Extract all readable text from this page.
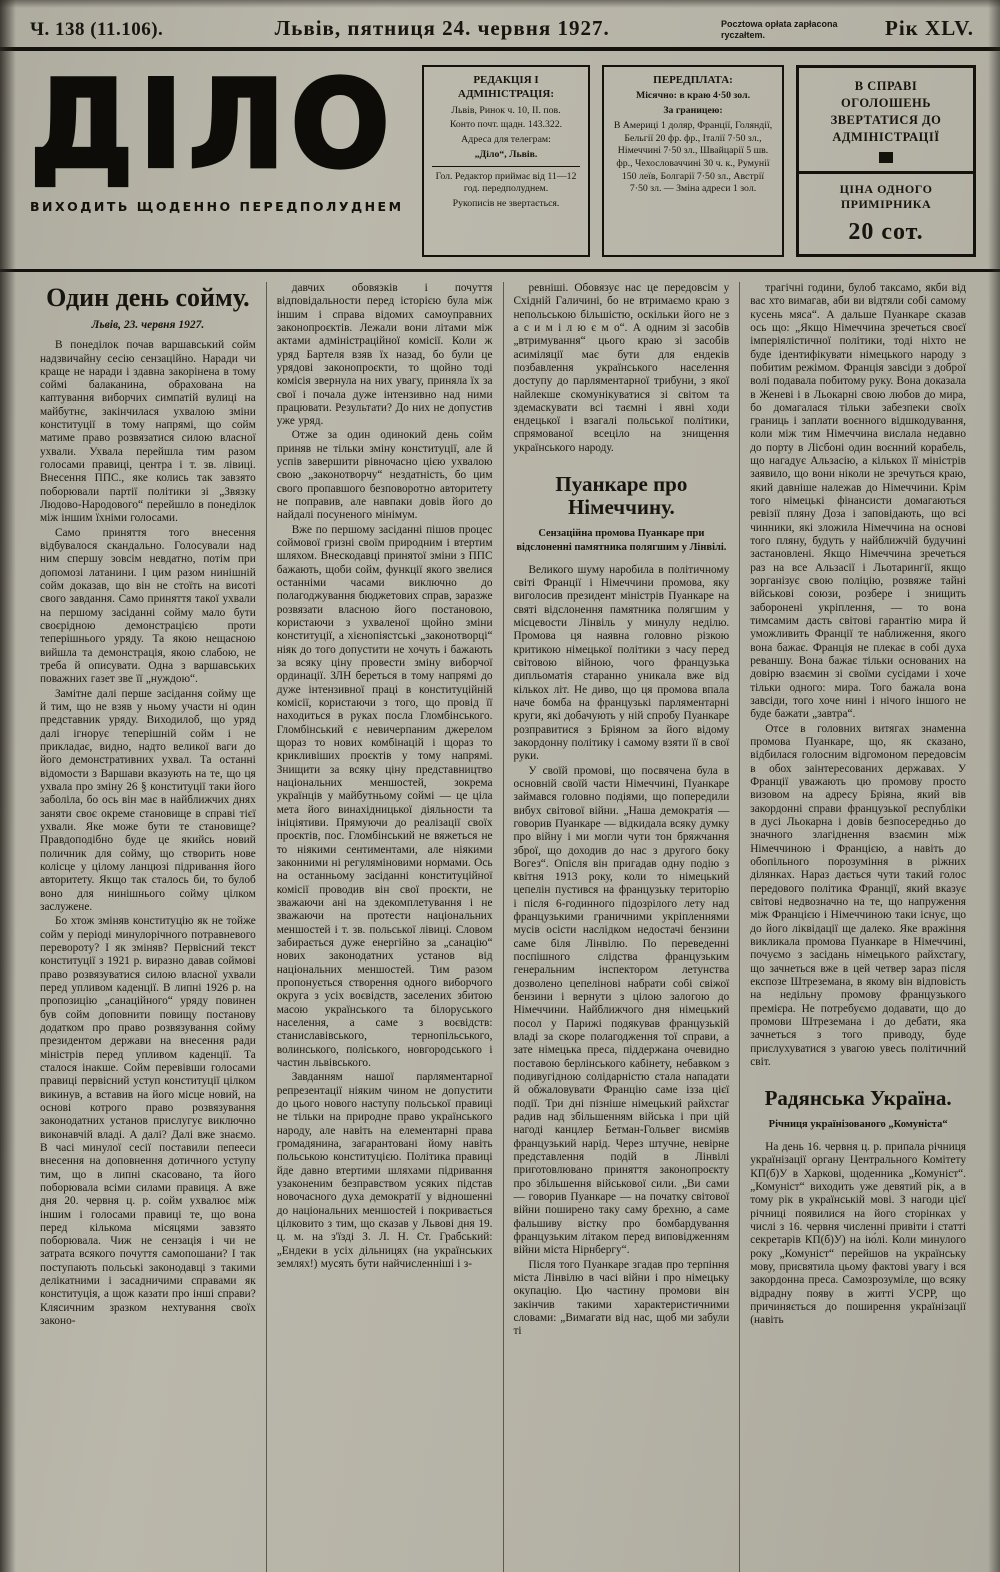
Ч. 138 (11.106).	Львів, пятниця 24. червня 1927.	Pocztowa opłata zapłacona ryczałtem.	Рік XLV.
ДІЛО
ВИХОДИТЬ ЩОДЕННО ПЕРЕДПОЛУДНЕМ
РЕДАКЦІЯ І АДМІНІСТРАЦІЯ:
Львів, Ринок ч. 10, II. пов.
Конто почт. щадн. 143.322.
Адреса для телеграм:
„Діло“, Львів.
Гол. Редактор приймає від 11—12 год. передполуднем.
Рукописів не звертається.
ПЕРЕДПЛАТА:
Місячно: в краю 4·50 зол.
За границею:
В Америці 1 доляр, Франції, Голяндії, Бельгії 20 фр. фр., Італії 7·50 зл., Німеччині 7·50 зл., Швайцарії 5 шв. фр., Чехословаччині 30 ч. к., Румунії 150 леїв, Болгарії 7·50 зл., Австрії 7·50 зл. — Зміна адреси 1 зол.
В СПРАВІ ОГОЛОШЕНЬ ЗВЕРТАТИСЯ ДО АДМІНІСТРАЦІЇ
ЦІНА ОДНОГО ПРИМІРНИКА
20 сот.
Один день сойму.
Львів, 23. червня 1927.

В понеділок почав варшавський сойм надзвичайну сесію сензаційно. Наради чи краще не наради і здавна закорінена в тому соймі балаканина, обрахована на каптування виборчих симпатій вулиці на майбутнє, закінчилася ухвалою зміни конституції в тому напрямі, що сойм матиме право розвязатися силою власної ухвали. Ухвала перейшла тим разом голосами правиці, центра і т. зв. лівиці. Внесення ППС., яке колись так завзято поборювали партії політики зі „Звязку Людово-Народового“ перейшло в понеділок між іншим їхніми голосами.

Само приняття того внесення відбувалося скандально. Голосували над ним спершу зовсім невдатно, потім при допомозі латанини. І цим разом нинішній сойм доказав, що він не стоїть на висоті свого завдання. Само приняття такої ухвали на першому засіданні сойму мало бути своєрідною демонстрацією проти теперішнього уряду. Та якою нещасною вийшла та демонстрація, якою слабою, не треба й описувати. Одна з варшавських поважних газет зве її „нуждою“.

Замітне далі перше засідання сойму ще й тим, що не взяв у ньому участи ні один представник уряду. Виходилоб, що уряд далі ігнорує теперішній сойм і не прикладає, видно, надто великої ваги до його демонстративних ухвал. Та останні відомости з Варшави вказують на те, що ця ухвала про зміну 26 § конституції таки його заболіла, бо ось він має в найближчих днях заняти своє окреме становище в справі тієї ухвали. Яке може бути те становище? Правдоподібно буде це якийсь новий поличник для сойму, що створить нове колісце у цілому ланцюзі підривання його авторитету. Якщо так сталось би, то булоб воно для нинішнього сойму цілком заслужене.

Бо хтож зміняв конституцію як не тойже сойм у періоді минулорічного потравневого перевороту? І як зміняв? Первісний текст конституції з 1921 р. виразно давав соймові право розвязуватися силою власної ухвали перед упливом каденції. В липні 1926 р. на пропозицію „санаційного“ уряду повинен був сойм доповнити повищу постанову додатком про право розвязування сойму президентом держави на внесення ради міністрів перед упливом каденції. Та сталося інакше. Сойм перевівши голосами правиці первісний уступ конституції цілком викинув, а вставив на його місце новий, на основі котрого право розвязування законодатних установ прислугує виключно виконавчій владі. А далі? Далі вже знаємо. В часі минулої сесії поставили пепееси внесення на доповнення дотичного уступу тим, що в липні скасовано, та його поборювала всіми силами правиця. А вже дня 20. червня ц. р. сойм ухвалює між іншим і голосами правиці те, що вона перед кількома місяцями завзято поборювала. Чиж не сензація і чи не затрата всякого почуття самопошани? І так поступають польські законодавці з такими делікатними і засадничими справами як конституція, а щож казати про інші справи? Клясичним зразком нехтування своїх законо-

давчих обовязків і почуття відповідальности перед історією була між іншим і справа відомих самоуправних законопроєктів. Лежали вони літами між актами адміністраційної комісії. Коли ж уряд Бартеля взяв їх назад, бо були це урядові законопроєкти, то щойно тоді комісія звернула на них увагу, приняла їх за свої і почала дуже інтензивно над ними працювати. Результати? До них не допустив уже уряд.

Отже за один одинокий день сойм приняв не тільки зміну конституції, але й успів завершити рівночасно цією ухвалою свою „законотворчу“ нездатність, бо цим свого пропавшого безповоротно авторитету не поправив, але навпаки довів його до найдалі посуненого мінімум.

Вже по першому засіданні пішов процес соймової гризні своїм природним і втертим шляхом. Внескодавці принятої зміни з ППС бажають, щоби сойм, функції якого звелися останніми часами виключно до полагоджування бюджетових справ, заразже розвязати власною його постановою, користаючи з ухваленої щойно зміни конституції, а хієнопіястські „законотворці“ ніяк до того допустити не хочуть і бажають за всяку ціну провести зміну виборчої ординації. ЗЛН береться в тому напрямі до дуже інтензивної праці в конституційній комісії, користаючи з того, що провід її находиться в руках посла Гломбінського. Гломбінський є невичерпаним джерелом щораз то нових комбінацій і щораз то крикливіших проєктів у тому напрямі. Знищити за всяку ціну представництво національних меншостей, зокрема українців у майбутньому соймі — це ціла мета його винахідницької діяльности та ініціятиви. Прямуючи до реалізації своїх проєктів, пос. Гломбінський не вяжеться не то ніякими сентиментами, але ніякими законними ні регуляміновими нормами. Ось на останньому засіданні конституційної комісії проводив він свої проєкти, не зважаючи ані на здекомплетування і не зважаючи на протести національних меншостей і т. зв. польської лівиці. Словом забирається дуже енергійно за „санацію“ нових законодатних установ від національних меншостей. Тим разом пропонується створення одного виборчого округа з усіх воєвідств, заселених збитою масою українського та білоруського населення, а саме з воєвідств: станиславівського, тернопільського, волинського, поліського, новгородського і частин львівського.

Завданням нашої парляментарної репрезентації ніяким чином не допустити до цього нового наступу польської правиці не тільки на природне право українського народу, але навіть на елементарні права громадянина, загарантовані йому навіть польською конституцією. Політика правиці йде давно втертими шляхами підривання узаконеним безправством усяких підстав новочасного духа демократії у відношенні до національних меншостей і покривається цілковито з тим, що сказав у Львові дня 19. ц. м. на з'їзді З. Л. Н. Ст. Грабський: „Ендеки в усіх дільницях (на українських землях!) мусять бути найчисленніші і з-

ревніші. Обовязує нас це передовсім у Східній Галичині, бо не втримаємо краю з непольською більшістю, оскільки його не з а с и м і л ю є м о“. А одним зі засобів „втримування“ цього краю зі засобів асиміляції має бути для ендеків позбавлення українського населення доступу до парляментарної трибуни, з якої найлекше скомунікуватися зі світом та здемаскувати всі таємні і явні ходи ендецької і взагалі польської політики, спрямованої всеціло на знищення українського народу.

Пуанкаре про Німеччину.
Сензаційна промова Пуанкаре при відслоненні памятника полягшим у Лінвілі.

Великого шуму наробила в політичному світі Франції і Німеччини промова, яку виголосив президент міністрів Пуанкаре на святі відслонення памятника полягшим у місцевости Лінвіль у минулу неділю. Промова ця наявна головно різкою критикою німецької політики з часу перед світовою війною, чого французька дипльоматія старанно уникала вже від кількох літ. Не диво, що ця промова впала наче бомба на французькі парляментарні круги, які добачують у ній спробу Пуанкаре розправитися з Бріяном за його відому закордонну політику і самому взяти її в свої руки.

У своїй промові, що посвячена була в основній своїй части Німеччині, Пуанкаре займався головно подіями, що попередили вибух світової війни. „Наша демократія — говорив Пуанкаре — відкидала всяку думку про війну і ми могли чути тон бряжчання зброї, що доходив до нас з другого боку Вогез“. Опісля він пригадав одну подію з квітня 1913 року, коли то німецький цепелін пустився на французьку територію і після 6-годинного підозрілого лету над французькими граничними укріпленнями мусів осісти наслідком недостачі бензини саме біля Лінвілю. По переведенні поспішного слідства французьким генеральним інспектором летунства дозволено цепелінові набрати собі свіжої бензини і вернути з цілою залогою до Німеччини. Найближчого дня німецький посол у Парижі подякував французькій владі за скоре полагодження тої справи, а зате німецька преса, піддержана очевидно поставою берлінського кабінету, небавком з подивугідною солідарністю стала нападати й обжаловувати Францію саме ізза цієї події. Три дні пізніше німецький райхстаг радив над збільшенням війська і при цій нагоді канцлер Бетман-Гольвег висміяв французький нарід. Через штучне, невірне представлення подій в Лінвілі приготовлювано приняття законопроєкту про збільшення військової сили. „Ви сами — говорив Пуанкаре — на початку світової війни поширено таку саму брехню, а саме фальшиву вістку про бомбардування французьким літаком перед виповідженням війни міста Нірнбергу“.

Після того Пуанкаре згадав про терпіння міста Лінвілю в часі війни і про німецьку окупацію. Цю частину промови він закінчив такими характеристичними словами: „Вимагати від нас, щоб ми забули ті

трагічні години, булоб таксамо, якби від вас хто вимагав, аби ви відтяли собі самому кусень мяса“. А дальше Пуанкаре сказав ось що: „Якщо Німеччина зречеться своєї імперіялістичної політики, тоді ніхто не буде ідентифікувати німецького народу з побитим режімом. Франція завсіди з доброї волі подавала побитому руку. Вона доказала в Женеві і в Льокарні свою любов до мира, бо домагалася тільки забезпеки своїх границь і заплати воєнного відшкодування, коли між тим Німеччина вислала недавно до порту в Лісбоні один воєнний корабель, що нагадує Альзасію, а кількох її міністрів заявило, що вони ніколи не зречуться краю, який давніше належав до Німеччини. Крім того німецькі фінансисти домагаються ревізії пляну Доза і заповідають, що всі чинники, які зложила Німеччина на основі того пляну, будуть у найближчій будучині застановлені. Якщо Німеччина зречеться раз на все Альзасії і Льотарингії, якщо зорганізує свою поліцію, розвяже тайні військові союзи, розбере і знищить заборонені укріплення, — то вона тимсамим дасть світові гарантію мира й уможливить Франції те наближення, якого вона бажає. Франція не плекає в собі духа реваншу. Вона бажає тільки основаних на довірю взаємин зі своїми сусідами і хоче тільки одного: мира. Того бажала вона завсіди, того хоче нині і нічого іншого не буде бажати „завтра“.

Отсе в головних витягах знаменна промова Пуанкаре, що, як сказано, відбилася голосним відгомоном передовсім в обох заінтересованих державах. У Франції уважають цю промову просто визовом на адресу Бріяна, який вів закордонні справи французької республіки в дусі Льокарна і довів безпосередньо до значного злагіднення взаємин між Німеччиною і Францією, а навіть до обопільного порозуміння в ріжних ділянках. Нараз дається чути такий голос передового політика Франції, який вказує світові недвозначно на те, що напруження між Францією і Німеччиною таки існує, що до його ліквідації ще далеко. Яке вражіння викликала промова Пуанкаре в Німеччині, почуємо з засідань німецького райхстагу, що зачнеться вже в цей четвер зараз після експозе Штреземана, в якому він відповість на недільну промову французького премієра. Не потребуємо додавати, що до промови Штреземана і до дебати, яка зачнеться з того приводу, буде прислухуватися з увагою увесь політичний світ.

Радянська Україна.
Річниця українізованого „Комуніста“

На день 16. червня ц. р. припала річниця українізації органу Центрального Комітету КП(б)У в Харкові, щоденника „Комуніст“. „Комуніст“ виходить уже девятий рік, а в тому рік в українській мові. З нагоди цієї річниці появилися на його сторінках у числі з 16. червня численні привіти і статті секретарів КП(б)У) на ію́лі. Коли минулого року „Комуніст“ перейшов на українську мову, присвятила цьому фактові увагу і вся закордонна преса. Самозрозуміле, що всяку відрадну появу в житті УСРР, що причиняється до поширення українізації (навіть
